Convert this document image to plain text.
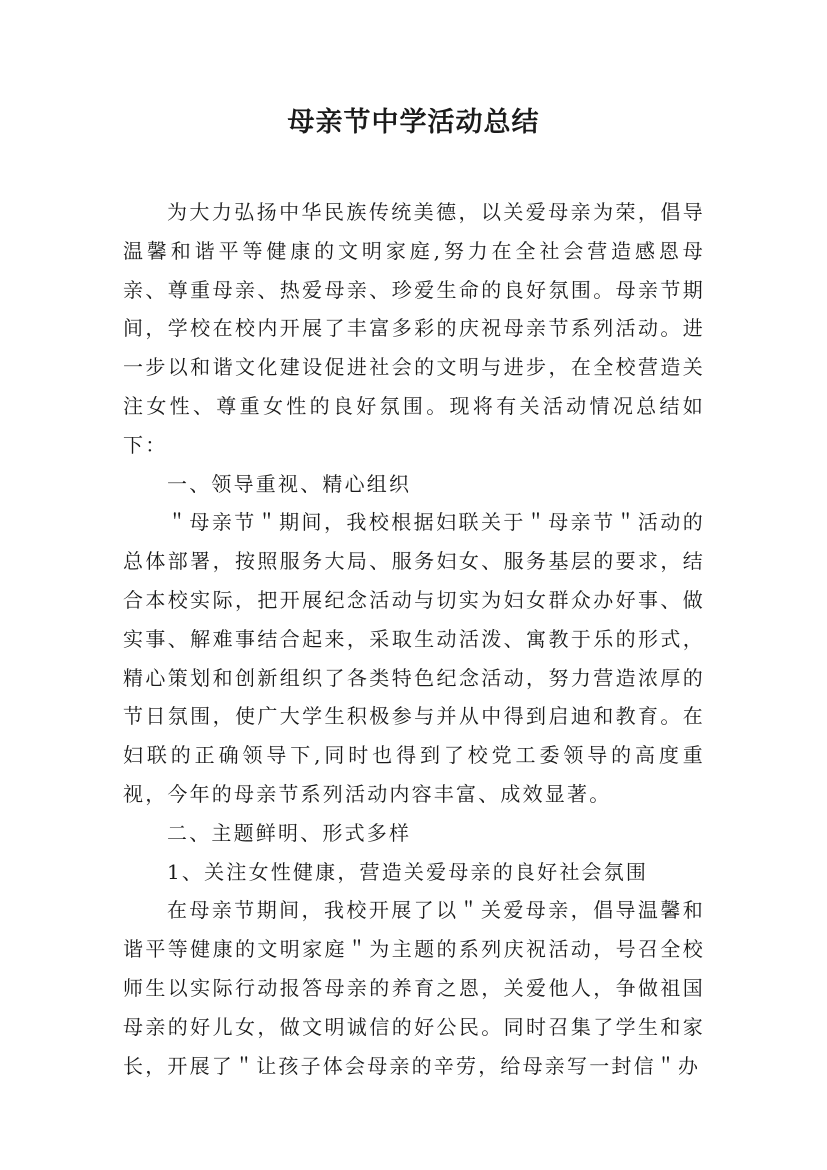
母亲节中学活动总结

为大力弘扬中华民族传统美德，以关爱母亲为荣，倡导温馨和谐平等健康的文明家庭,努力在全社会营造感恩母亲、尊重母亲、热爱母亲、珍爱生命的良好氛围。母亲节期间，学校在校内开展了丰富多彩的庆祝母亲节系列活动。进一步以和谐文化建设促进社会的文明与进步，在全校营造关注女性、尊重女性的良好氛围。现将有关活动情况总结如下：

一、领导重视、精心组织

＂母亲节＂期间，我校根据妇联关于＂母亲节＂活动的总体部署，按照服务大局、服务妇女、服务基层的要求，结合本校实际，把开展纪念活动与切实为妇女群众办好事、做实事、解难事结合起来，采取生动活泼、寓教于乐的形式，精心策划和创新组织了各类特色纪念活动，努力营造浓厚的节日氛围，使广大学生积极参与并从中得到启迪和教育。在妇联的正确领导下,同时也得到了校党工委领导的高度重视，今年的母亲节系列活动内容丰富、成效显著。

二、主题鲜明、形式多样

1、关注女性健康，营造关爱母亲的良好社会氛围

在母亲节期间，我校开展了以＂关爱母亲，倡导温馨和谐平等健康的文明家庭＂为主题的系列庆祝活动，号召全校师生以实际行动报答母亲的养育之恩，关爱他人，争做祖国母亲的好儿女，做文明诚信的好公民。同时召集了学生和家长，开展了＂让孩子体会母亲的辛劳，给母亲写一封信＂办
